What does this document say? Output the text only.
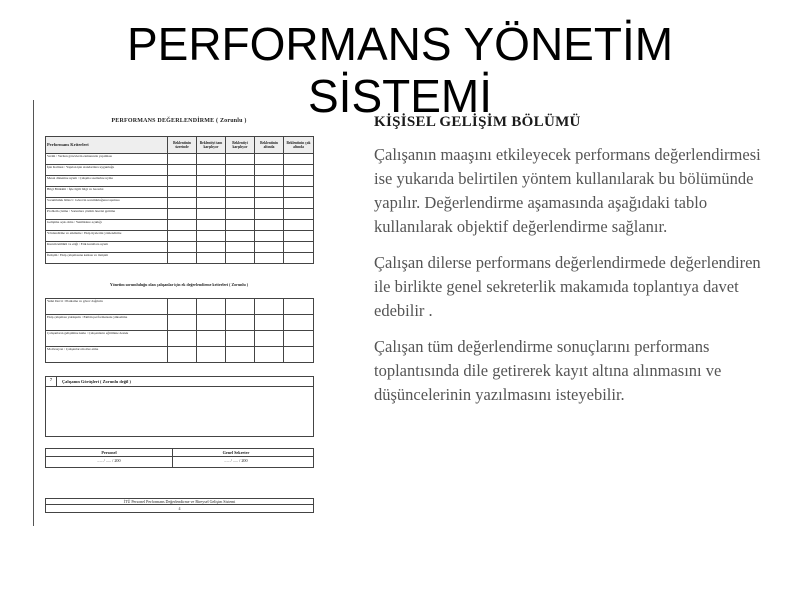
PERFORMANS YÖNETİM
SİSTEMİ
PERFORMANS DEĞERLENDİRME ( Zorunlu )
Performans Kriterleri	Beklentinin üzerinde	Beklentiyi tam karşılıyor	Beklentiyi karşılıyor	Beklentinin altında	Beklentinin çok altında
Verim : Verilen görevlerin zamanında yapılması					
İşin Kalitesi : Yapılan işin standartlara uygunluğu					
Mesai düzenine uyum : Çalışma saatlerine uyma					
Bilgi Birikimi : İşle ilgili bilgi ve becerisi					
Sorumluluk bilinci : Görevin sorumluluğunu taşıması					
Problem çözme : Sorunlara çözüm önerisi getirme					
Gelişime açık olma : Yeniliklere açıklığı					
Yönlendirme ve etkileme : Ekip üyelerini yönlendirme					
Kurum kültürü ve etiği : Etik kurallara uyum					
İletişim : Ekip çalışmasına katkısı ve iletişim					
Yönetim sorumluluğu olan çalışanlar için ek değerlendirme kriterleri ( Zorunlu )
Yetki Devri : Planlama ve görev dağılımı					
Ekip çalışması yaklaşımı : Ekibin performansını yükseltme					
Çalışanların gelişimine katkı : Çalışanların eğitimine destek					
Motivasyon : Çalışanları motive etme					
7	Çalışanın Görüşleri ( Zorunlu değil )
Personel	Genel Sekreter
..... / ..... / 200	..... / ..... / 200
İTÜ Personel Performans Değerlendirme ve Bireysel Gelişim Sistemi
4
KİŞİSEL GELİŞİM BÖLÜMÜ

Çalışanın maaşını etkileyecek performans değerlendirmesi ise yukarıda belirtilen yöntem kullanılarak bu bölümünde yapılır. Değerlendirme aşamasında aşağıdaki tablo kullanılarak objektif değerlendirme sağlanır.

Çalışan dilerse performans değerlendirmede değerlendiren ile birlikte genel sekreterlik makamıda toplantıya davet edebilir .

Çalışan tüm değerlendirme sonuçlarını performans toplantısında dile getirerek kayıt altına alınmasını ve düşüncelerinin yazılmasını isteyebilir.
